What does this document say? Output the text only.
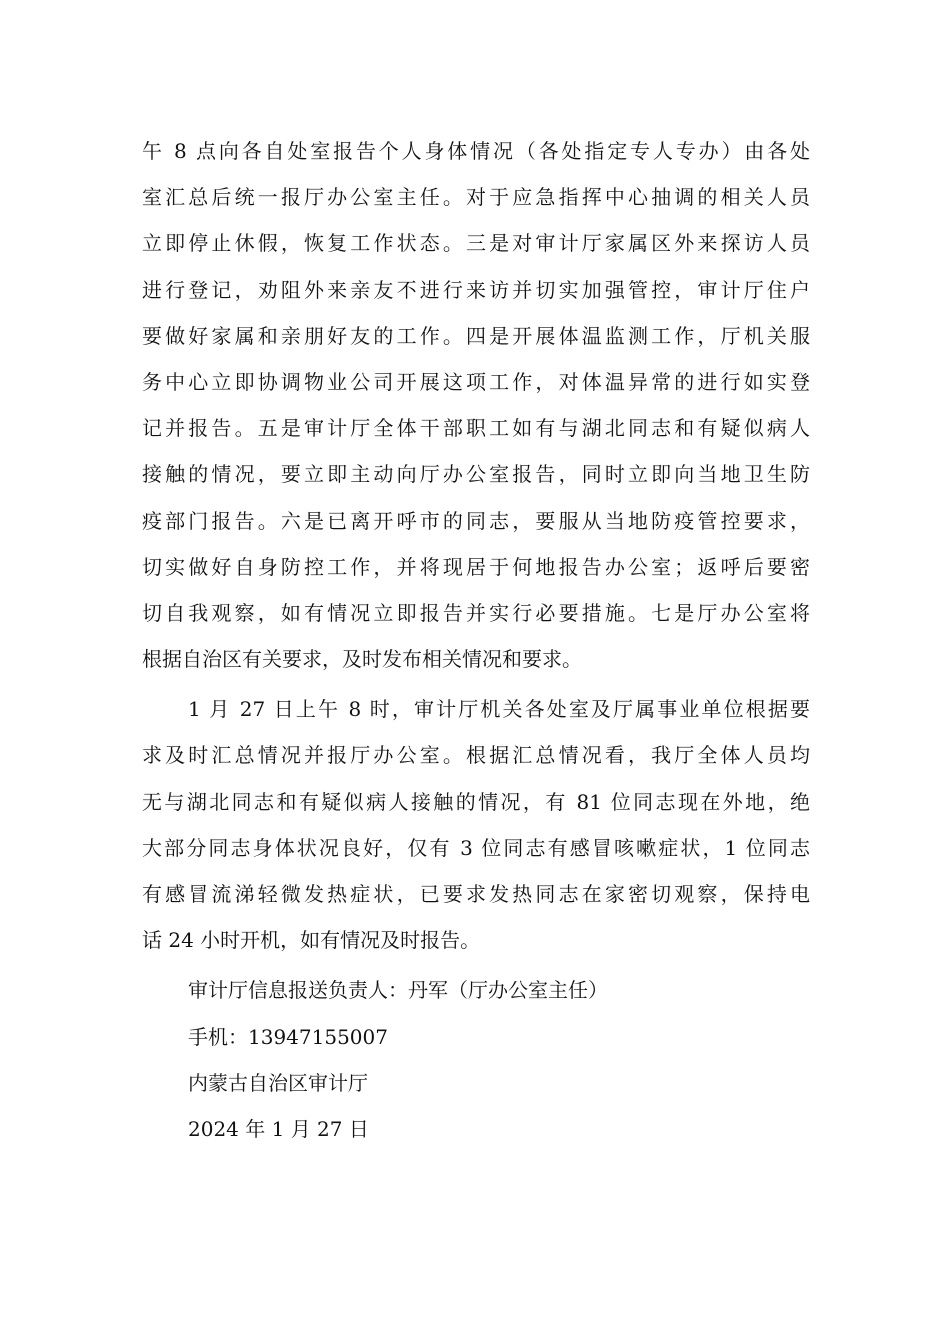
午 8 点向各自处室报告个人身体情况（各处指定专人专办）由各处
室汇总后统一报厅办公室主任。对于应急指挥中心抽调的相关人员
立即停止休假，恢复工作状态。三是对审计厅家属区外来探访人员
进行登记，劝阻外来亲友不进行来访并切实加强管控，审计厅住户
要做好家属和亲朋好友的工作。四是开展体温监测工作，厅机关服
务中心立即协调物业公司开展这项工作，对体温异常的进行如实登
记并报告。五是审计厅全体干部职工如有与湖北同志和有疑似病人
接触的情况，要立即主动向厅办公室报告，同时立即向当地卫生防
疫部门报告。六是已离开呼市的同志，要服从当地防疫管控要求，
切实做好自身防控工作，并将现居于何地报告办公室；返呼后要密
切自我观察，如有情况立即报告并实行必要措施。七是厅办公室将
根据自治区有关要求，及时发布相关情况和要求。
1 月 27 日上午 8 时，审计厅机关各处室及厅属事业单位根据要
求及时汇总情况并报厅办公室。根据汇总情况看，我厅全体人员均
无与湖北同志和有疑似病人接触的情况，有 81 位同志现在外地，绝
大部分同志身体状况良好，仅有 3 位同志有感冒咳嗽症状，1 位同志
有感冒流涕轻微发热症状，已要求发热同志在家密切观察，保持电
话 24 小时开机，如有情况及时报告。
审计厅信息报送负责人：丹军（厅办公室主任）
手机：13947155007
内蒙古自治区审计厅
2024 年 1 月 27 日
